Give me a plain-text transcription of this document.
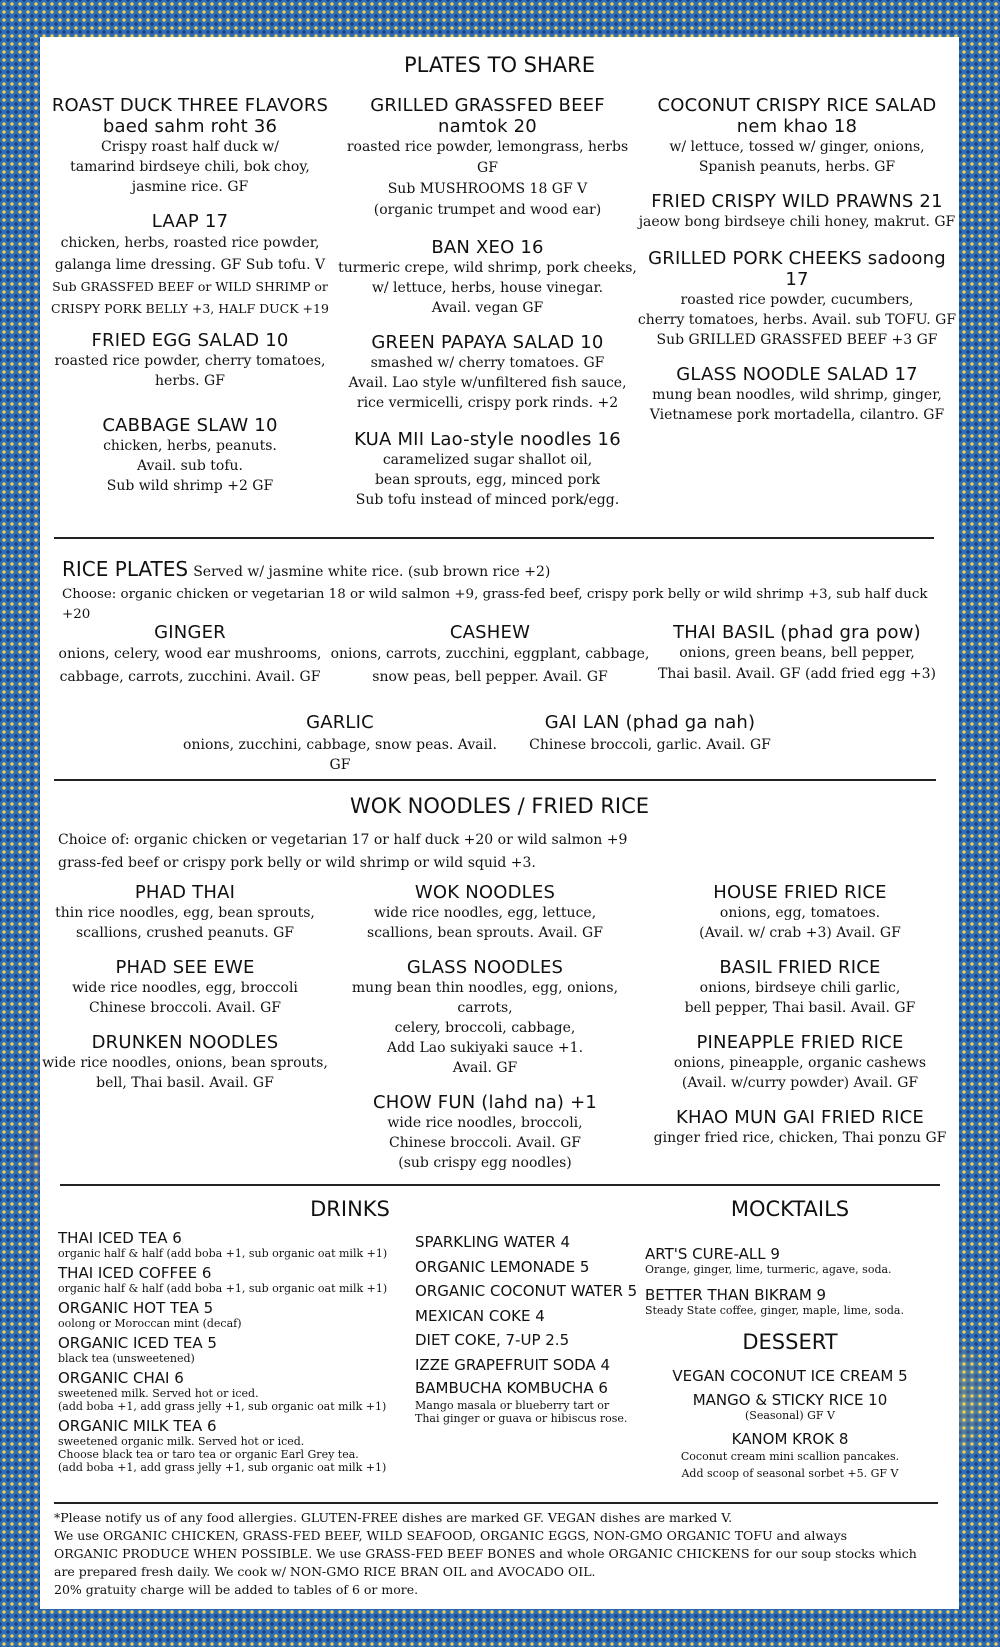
PLATES TO SHARE
ROAST DUCK THREE FLAVORS
baed sahm roht 36
Crispy roast half duck w/
tamarind birdseye chili, bok choy,
jasmine rice. GF
LAAP 17
chicken, herbs, roasted rice powder,
galanga lime dressing. GF Sub tofu. V
Sub GRASSFED BEEF or WILD SHRIMP or
CRISPY PORK BELLY +3, HALF DUCK +19
FRIED EGG SALAD 10
roasted rice powder, cherry tomatoes,
herbs. GF
CABBAGE SLAW 10
chicken, herbs, peanuts.
Avail. sub tofu.
Sub wild shrimp +2 GF
GRILLED GRASSFED BEEF
namtok 20
roasted rice powder, lemongrass, herbs GF
Sub MUSHROOMS 18 GF V
(organic trumpet and wood ear)
BAN XEO 16
turmeric crepe, wild shrimp, pork cheeks,
w/ lettuce, herbs, house vinegar.
Avail. vegan GF
GREEN PAPAYA SALAD 10
smashed w/ cherry tomatoes. GF
Avail. Lao style w/unfiltered fish sauce,
rice vermicelli, crispy pork rinds. +2
KUA MII Lao-style noodles 16
caramelized sugar shallot oil,
bean sprouts, egg, minced pork
Sub tofu instead of minced pork/egg.
COCONUT CRISPY RICE SALAD
nem khao 18
w/ lettuce, tossed w/ ginger, onions,
Spanish peanuts, herbs. GF
FRIED CRISPY WILD PRAWNS 21
jaeow bong birdseye chili honey, makrut. GF
GRILLED PORK CHEEKS sadoong 17
roasted rice powder, cucumbers,
cherry tomatoes, herbs. Avail. sub TOFU. GF
Sub GRILLED GRASSFED BEEF +3 GF
GLASS NOODLE SALAD 17
mung bean noodles, wild shrimp, ginger,
Vietnamese pork mortadella, cilantro. GF
RICE PLATES Served w/ jasmine white rice. (sub brown rice +2)
Choose: organic chicken or vegetarian 18 or wild salmon +9, grass-fed beef, crispy pork belly or wild shrimp +3, sub half duck +20
GINGER
onions, celery, wood ear mushrooms,
cabbage, carrots, zucchini. Avail. GF
CASHEW
onions, carrots, zucchini, eggplant, cabbage,
snow peas, bell pepper. Avail. GF
THAI BASIL (phad gra pow)
onions, green beans, bell pepper,
Thai basil. Avail. GF (add fried egg +3)
GARLIC
onions, zucchini, cabbage, snow peas. Avail. GF
GAI LAN (phad ga nah)
Chinese broccoli, garlic. Avail. GF
WOK NOODLES / FRIED RICE
Choice of: organic chicken or vegetarian 17 or half duck +20 or wild salmon +9
grass-fed beef or crispy pork belly or wild shrimp or wild squid +3.
PHAD THAI
thin rice noodles, egg, bean sprouts,
scallions, crushed peanuts. GF
PHAD SEE EWE
wide rice noodles, egg, broccoli
Chinese broccoli. Avail. GF
DRUNKEN NOODLES
wide rice noodles, onions, bean sprouts,
bell, Thai basil. Avail. GF
WOK NOODLES
wide rice noodles, egg, lettuce,
scallions, bean sprouts. Avail. GF
GLASS NOODLES
mung bean thin noodles, egg, onions, carrots,
celery, broccoli, cabbage,
Add Lao sukiyaki sauce +1.
Avail. GF
CHOW FUN (lahd na) +1
wide rice noodles, broccoli,
Chinese broccoli. Avail. GF
(sub crispy egg noodles)
HOUSE FRIED RICE
onions, egg, tomatoes.
(Avail. w/ crab +3) Avail. GF
BASIL FRIED RICE
onions, birdseye chili garlic,
bell pepper, Thai basil. Avail. GF
PINEAPPLE FRIED RICE
onions, pineapple, organic cashews
(Avail. w/curry powder) Avail. GF
KHAO MUN GAI FRIED RICE
ginger fried rice, chicken, Thai ponzu GF
DRINKS
THAI ICED TEA 6
organic half & half (add boba +1, sub organic oat milk +1)
THAI ICED COFFEE 6
organic half & half (add boba +1, sub organic oat milk +1)
ORGANIC HOT TEA 5
oolong or Moroccan mint (decaf)
ORGANIC ICED TEA 5
black tea (unsweetened)
ORGANIC CHAI 6
sweetened milk. Served hot or iced.
(add boba +1, add grass jelly +1, sub organic oat milk +1)
ORGANIC MILK TEA 6
sweetened organic milk. Served hot or iced.
Choose black tea or taro tea or organic Earl Grey tea.
(add boba +1, add grass jelly +1, sub organic oat milk +1)
SPARKLING WATER 4
ORGANIC LEMONADE 5
ORGANIC COCONUT WATER 5
MEXICAN COKE 4
DIET COKE, 7-UP 2.5
IZZE GRAPEFRUIT SODA 4
BAMBUCHA KOMBUCHA 6
Mango masala or blueberry tart or
Thai ginger or guava or hibiscus rose.
MOCKTAILS
ART'S CURE-ALL 9
Orange, ginger, lime, turmeric, agave, soda.
BETTER THAN BIKRAM 9
Steady State coffee, ginger, maple, lime, soda.
DESSERT
VEGAN COCONUT ICE CREAM 5
MANGO & STICKY RICE 10
(Seasonal) GF V
KANOM KROK 8
Coconut cream mini scallion pancakes.
Add scoop of seasonal sorbet +5. GF V
*Please notify us of any food allergies. GLUTEN-FREE dishes are marked GF. VEGAN dishes are marked V.
We use ORGANIC CHICKEN, GRASS-FED BEEF, WILD SEAFOOD, ORGANIC EGGS, NON-GMO ORGANIC TOFU and always
ORGANIC PRODUCE WHEN POSSIBLE. We use GRASS-FED BEEF BONES and whole ORGANIC CHICKENS for our soup stocks which
are prepared fresh daily. We cook w/ NON-GMO RICE BRAN OIL and AVOCADO OIL.
20% gratuity charge will be added to tables of 6 or more.
